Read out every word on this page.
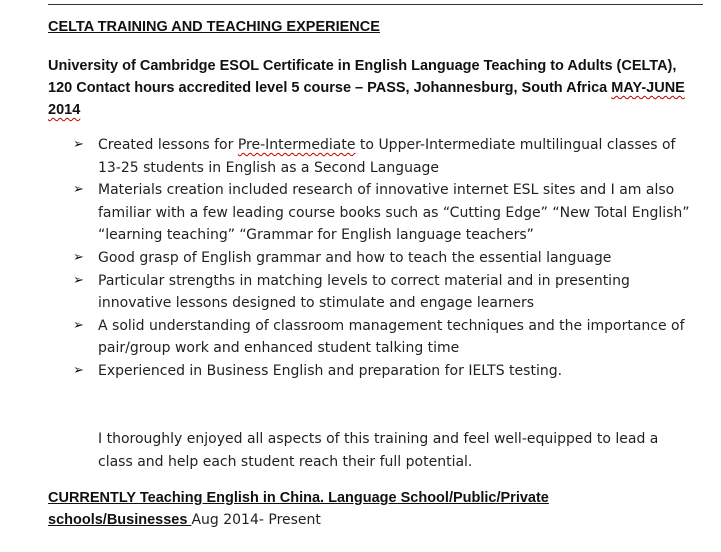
CELTA TRAINING AND TEACHING EXPERIENCE
University of Cambridge ESOL Certificate in English Language Teaching to Adults (CELTA), 120 Contact hours accredited level 5 course – PASS, Johannesburg, South Africa MAY-JUNE 2014
➢	Created lessons for Pre-Intermediate to Upper-Intermediate multilingual classes of 13-25 students in English as a Second Language
➢	Materials creation included research of innovative internet ESL sites and I am also familiar with a few leading course books such as “Cutting Edge” “New Total English” “learning teaching” “Grammar for English language teachers”
➢	Good grasp of English grammar and how to teach the essential language
➢	Particular strengths in matching levels to correct material and in presenting innovative lessons designed to stimulate and engage learners
➢	A solid understanding of classroom management techniques and the importance of pair/group work and enhanced student talking time
➢	Experienced in Business English and preparation for IELTS testing.
I thoroughly enjoyed all aspects of this training and feel well-equipped to lead a class and help each student reach their full potential.
CURRENTLY Teaching English in China. Language School/Public/Private schools/Businesses Aug 2014- Present
